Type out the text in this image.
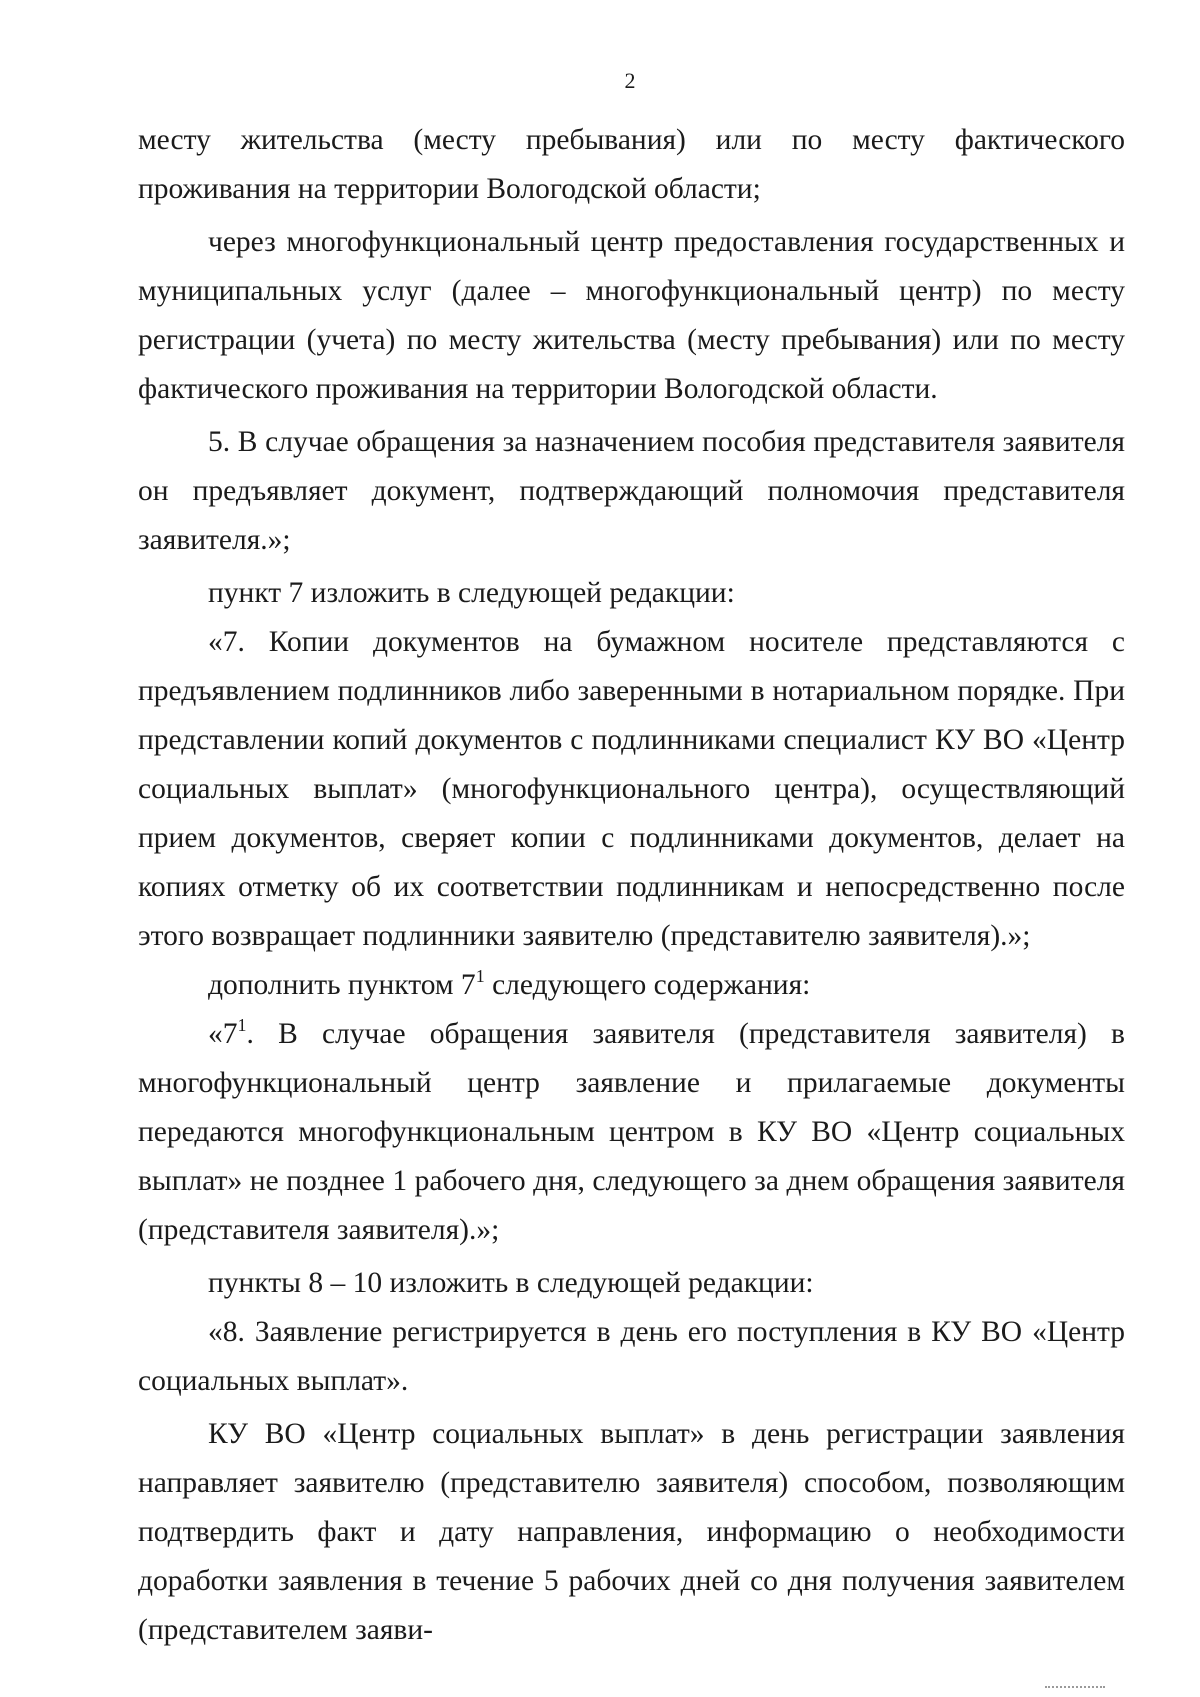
2

месту жительства (месту пребывания) или по месту фактического проживания на территории Вологодской области;

через многофункциональный центр предоставления государственных и муниципальных услуг (далее – многофункциональный центр) по месту регистрации (учета) по месту жительства (месту пребывания) или по месту фактического проживания на территории Вологодской области.

5. В случае обращения за назначением пособия представителя заявителя он предъявляет документ, подтверждающий полномочия представителя заявителя.»;

пункт 7 изложить в следующей редакции:

«7. Копии документов на бумажном носителе представляются с предъявлением подлинников либо заверенными в нотариальном порядке. При представлении копий документов с подлинниками специалист КУ ВО «Центр социальных выплат» (многофункционального центра), осуществляющий прием документов, сверяет копии с подлинниками документов, делает на копиях отметку об их соответствии подлинникам и непосредственно после этого возвращает подлинники заявителю (представителю заявителя).»;

дополнить пунктом $7^1$ следующего содержания:

«$7^1$. В случае обращения заявителя (представителя заявителя) в многофункциональный центр заявление и прилагаемые документы передаются многофункциональным центром в КУ ВО «Центр социальных выплат» не позднее 1 рабочего дня, следующего за днем обращения заявителя (представителя заявителя).»;

пункты 8 – 10 изложить в следующей редакции:

«8. Заявление регистрируется в день его поступления в КУ ВО «Центр социальных выплат».

КУ ВО «Центр социальных выплат» в день регистрации заявления направляет заявителю (представителю заявителя) способом, позволяющим подтвердить факт и дату направления, информацию о необходимости доработки заявления в течение 5 рабочих дней со дня получения заявителем (представителем заяви-
